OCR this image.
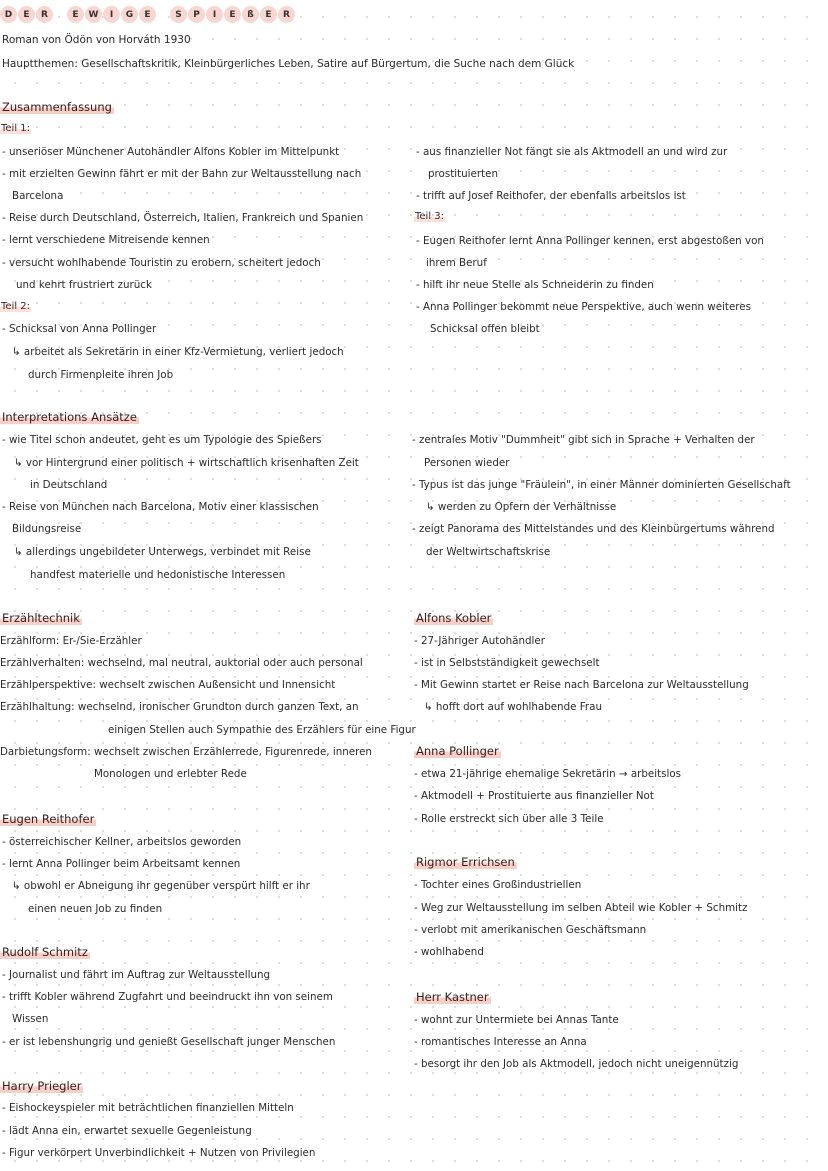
D	E	R	E	W	I	G	E	S	P	I	E	ß	E	R
Roman von Ödön von Horváth 1930
Hauptthemen: Gesellschaftskritik, Kleinbürgerliches Leben, Satire auf Bürgertum, die Suche nach dem Glück
Zusammenfassung
Teil 1:
- unseriöser Münchener Autohändler Alfons Kobler im Mittelpunkt
- mit erzielten Gewinn fährt er mit der Bahn zur Weltausstellung nach
Barcelona
- Reise durch Deutschland, Österreich, Italien, Frankreich und Spanien
- lernt verschiedene Mitreisende kennen
- versucht wohlhabende Touristin zu erobern, scheitert jedoch
und kehrt frustriert zurück
Teil 2:
- Schicksal von Anna Pollinger
↳ arbeitet als Sekretärin in einer Kfz-Vermietung, verliert jedoch
durch Firmenpleite ihren Job
- aus finanzieller Not fängt sie als Aktmodell an und wird zur
prostituierten
- trifft auf Josef Reithofer, der ebenfalls arbeitslos ist
Teil 3:
- Eugen Reithofer lernt Anna Pollinger kennen, erst abgestoßen von
ihrem Beruf
- hilft ihr neue Stelle als Schneiderin zu finden
- Anna Pollinger bekommt neue Perspektive, auch wenn weiteres
Schicksal offen bleibt
Interpretations Ansätze
- wie Titel schon andeutet, geht es um Typologie des Spießers
↳ vor Hintergrund einer politisch + wirtschaftlich krisenhaften Zeit
in Deutschland
- Reise von München nach Barcelona, Motiv einer klassischen
Bildungsreise
↳ allerdings ungebildeter Unterwegs, verbindet mit Reise
handfest materielle und hedonistische Interessen
- zentrales Motiv "Dummheit" gibt sich in Sprache + Verhalten der
Personen wieder
- Typus ist das junge "Fräulein", in einer Männer dominierten Gesellschaft
↳ werden zu Opfern der Verhältnisse
- zeigt Panorama des Mittelstandes und des Kleinbürgertums während
der Weltwirtschaftskrise
Erzähltechnik
Erzählform: Er-/Sie-Erzähler
Erzählverhalten: wechselnd, mal neutral, auktorial oder auch personal
Erzählperspektive: wechselt zwischen Außensicht und Innensicht
Erzählhaltung: wechselnd, ironischer Grundton durch ganzen Text, an
einigen Stellen auch Sympathie des Erzählers für eine Figur
Darbietungsform: wechselt zwischen Erzählerrede, Figurenrede, inneren
Monologen und erlebter Rede
Eugen Reithofer
- österreichischer Kellner, arbeitslos geworden
- lernt Anna Pollinger beim Arbeitsamt kennen
↳ obwohl er Abneigung ihr gegenüber verspürt hilft er ihr
einen neuen Job zu finden
Rudolf Schmitz
- Journalist und fährt im Auftrag zur Weltausstellung
- trifft Kobler während Zugfahrt und beeindruckt ihn von seinem
Wissen
- er ist lebenshungrig und genießt Gesellschaft junger Menschen
Harry Priegler
- Eishockeyspieler mit beträchtlichen finanziellen Mitteln
- lädt Anna ein, erwartet sexuelle Gegenleistung
- Figur verkörpert Unverbindlichkeit + Nutzen von Privilegien
Alfons Kobler
- 27-Jähriger Autohändler
- ist in Selbstständigkeit gewechselt
- Mit Gewinn startet er Reise nach Barcelona zur Weltausstellung
↳ hofft dort auf wohlhabende Frau
Anna Pollinger
- etwa 21-jährige ehemalige Sekretärin → arbeitslos
- Aktmodell + Prostituierte aus finanzieller Not
- Rolle erstreckt sich über alle 3 Teile
Rigmor Errichsen
- Tochter eines Großindustriellen
- Weg zur Weltausstellung im selben Abteil wie Kobler + Schmitz
- verlobt mit amerikanischen Geschäftsmann
- wohlhabend
Herr Kastner
- wohnt zur Untermiete bei Annas Tante
- romantisches Interesse an Anna
- besorgt ihr den Job als Aktmodell, jedoch nicht uneigennützig
